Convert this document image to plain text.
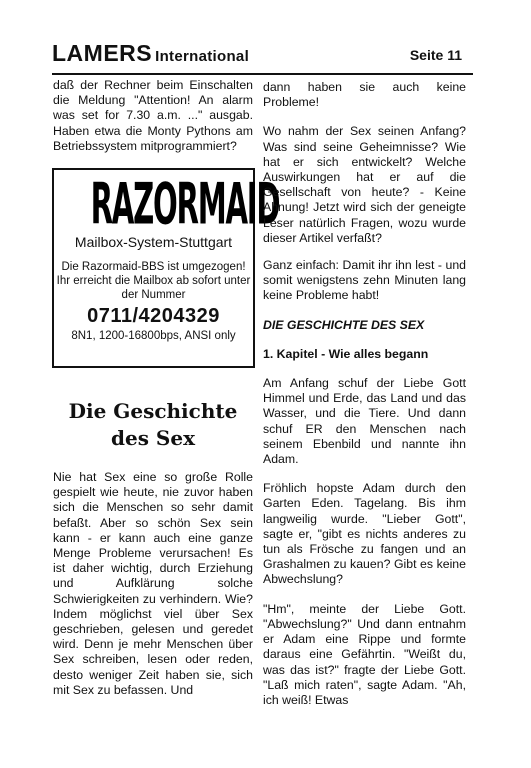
LAMERS International	Seite 11

daß der Rechner beim Einschalten die Meldung "Attention! An alarm was set for 7.30 a.m. ..." ausgab. Haben etwa die Monty Pythons am Betriebssystem mitprogrammiert?

RAZORMAID
Mailbox-System-Stuttgart
Die Razormaid-BBS ist umgezogen! Ihr erreicht die Mailbox ab sofort unter der Nummer
0711/4204329
8N1, 1200-16800bps, ANSI only
Die Geschichte
des Sex

Nie hat Sex eine so große Rolle gespielt wie heute, nie zuvor haben sich die Menschen so sehr damit befaßt. Aber so schön Sex sein kann - er kann auch eine ganze Menge Probleme verursachen! Es ist daher wichtig, durch Erziehung und Aufklärung solche Schwierigkeiten zu verhindern. Wie? Indem möglichst viel über Sex geschrieben, gelesen und geredet wird. Denn je mehr Menschen über Sex schreiben, lesen oder reden, desto weniger Zeit haben sie, sich mit Sex zu befassen. Und

dann haben sie auch keine Probleme!

Wo nahm der Sex seinen Anfang? Was sind seine Geheimnisse? Wie hat er sich entwickelt? Welche Auswirkungen hat er auf die Gesellschaft von heute? - Keine Ahnung! Jetzt wird sich der geneigte Leser natürlich Fragen, wozu wurde dieser Artikel verfaßt?

Ganz einfach: Damit ihr ihn lest - und somit wenigstens zehn Minuten lang keine Probleme habt!

DIE GESCHICHTE DES SEX

1. Kapitel - Wie alles begann

Am Anfang schuf der Liebe Gott Himmel und Erde, das Land und das Wasser, und die Tiere. Und dann schuf ER den Menschen nach seinem Ebenbild und nannte ihn Adam.

Fröhlich hopste Adam durch den Garten Eden. Tagelang. Bis ihm langweilig wurde. "Lieber Gott", sagte er, "gibt es nichts anderes zu tun als Frösche zu fangen und an Grashalmen zu kauen? Gibt es keine Abwechslung?

"Hm", meinte der Liebe Gott. "Abwechslung?" Und dann entnahm er Adam eine Rippe und formte daraus eine Gefährtin. "Weißt du, was das ist?" fragte der Liebe Gott. "Laß mich raten", sagte Adam. "Ah, ich weiß! Etwas
